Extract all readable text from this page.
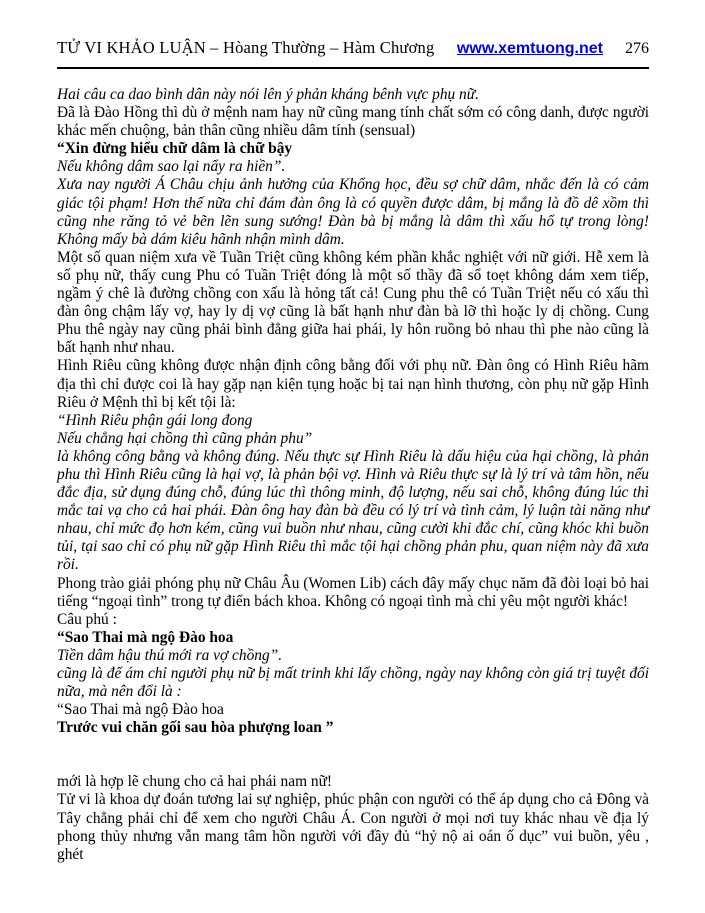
TỬ VI KHẢO LUẬN – Hòang Thường – Hàm Chương	www.xemtuong.net	276

Hai câu ca dao bình dân này nói lên ý phản kháng bênh vực phụ nữ.

Đã là Đào Hồng thì dù ở mệnh nam hay nữ cũng mang tính chất sớm có công danh, được người khác mến chuộng, bản thân cũng nhiều dâm tính (sensual)

“Xin đừng hiểu chữ dâm là chữ bậy

Nếu không dâm sao lại nẩy ra hiền”.

Xưa nay người Á Châu chịu ảnh hưởng của Khổng học, đều sợ chữ dâm, nhắc đến là có cảm giác tội phạm! Hơn thế nữa chỉ đám đàn ông là có quyền được dâm, bị mắng là đồ dê xồm thì cũng nhe răng tỏ vẻ bẽn lẽn sung sướng! Đàn bà bị mắng là dâm thì xấu hổ tự trong lòng! Không mấy bà dám kiêu hãnh nhận mình dâm.

Một số quan niệm xưa về Tuần Triệt cũng không kém phần khắc nghiệt với nữ giới. Hễ xem là số phụ nữ, thấy cung Phu có Tuần Triệt đóng là một số thầy đã sổ toẹt không dám xem tiếp, ngầm ý chê là đường chồng con xấu là hỏng tất cả! Cung phu thê có Tuần Triệt nếu có xấu thì đàn ông chậm lấy vợ, hay ly dị vợ cũng là bất hạnh như đàn bà lỡ thì hoặc ly dị chồng. Cung Phu thê ngày nay cũng phải bình đẳng giữa hai phái, ly hôn ruồng bỏ nhau thì phe nào cũng là bất hạnh như nhau.

Hình Riêu cũng không được nhận định công bằng đối với phụ nữ. Đàn ông có Hình Riêu hãm địa thì chỉ được coi là hay gặp nạn kiện tụng hoặc bị tai nạn hình thương, còn phụ nữ gặp Hình Riêu ở Mệnh thì bị kết tội là:

“Hình Riêu phận gái long đong

Nếu chẳng hại chồng thì cũng phản phu”

là không công bằng và không đúng. Nếu thực sự Hình Riêu là dấu hiệu của hại chồng, là phản phu thì Hình Riêu cũng là hại vợ, là phản bội vợ. Hình và Riêu thực sự là lý trí và tâm hồn, nếu đắc địa, sử dụng đúng chỗ, đúng lúc thì thông minh, độ lượng, nếu sai chỗ, không đúng lúc thì mắc tai vạ cho cả hai phái. Đàn ông hay đàn bà đều có lý trí và tình cảm, lý luận tài năng như nhau, chỉ mức đọ hơn kém, cũng vui buồn như nhau, cũng cười khi đắc chí, cũng khóc khi buồn tủi, tại sao chỉ có phụ nữ gặp Hình Riêu thì mắc tội hại chồng phản phu, quan niệm này đã xưa rồi.

Phong trào giải phóng phụ nữ Châu Âu (Women Lib) cách đây mấy chục năm đã đòi loại bỏ hai tiếng “ngoại tình” trong tự điển bách khoa. Không có ngoại tình mà chỉ yêu một người khác!

Câu phú :

“Sao Thai mà ngộ Đào hoa

Tiền dâm hậu thú mới ra vợ chồng”.

cũng là để ám chỉ người phụ nữ bị mất trinh khi lấy chồng, ngày nay không còn giá trị tuyệt đối nữa, mà nên đổi là :

“Sao Thai mà ngộ Đào hoa

Trước vui chăn gối sau hòa phượng loan ”

mới là hợp lẽ chung cho cả hai phái nam nữ!

Tử vi là khoa dự đoán tương lai sự nghiệp, phúc phận con người có thể áp dụng cho cả Đông và Tây chẳng phải chỉ để xem cho người Châu Á. Con người ở mọi nơi tuy khác nhau về địa lý phong thủy nhưng vẫn mang tâm hồn người với đầy đủ “hỷ nộ ai oán ố dục” vui buồn, yêu , ghét
